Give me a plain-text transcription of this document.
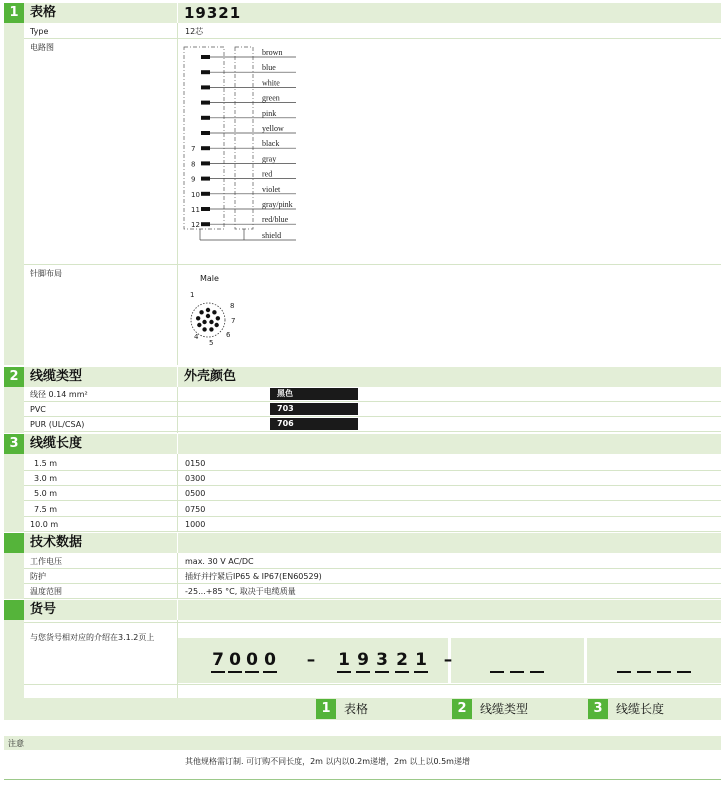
1 表格	19321
Type	12芯
电路图
brown
blue
white
green
pink
yellow
black
7
gray
8
red
9
violet
10
gray/pink
11
red/blue
12
shield
针脚布局
Male
8
7
6
5
4
1
2 线缆类型	外壳颜色
线径 0.14 mm²	黑色
PVC	703
PUR (UL/CSA)	706
3 线缆长度
1.5 m	0150
3.0 m	0300
5.0 m	0500
7.5 m	0750
10.0 m	1000
技术数据
工作电压	max. 30 V AC/DC
防护	插好并拧紧后IP65 & IP67(EN60529)
温度范围	-25...+85 °C, 取决于电缆质量
货号
与您货号相对应的介绍在3.1.2页上
7 0 0 0 – 1 9 3 2 1 –
1	表格	2	线缆类型	3	线缆长度
注意
其他规格需订制. 可订购不同长度，2m 以内以0.2m递增，2m 以上以0.5m递增
